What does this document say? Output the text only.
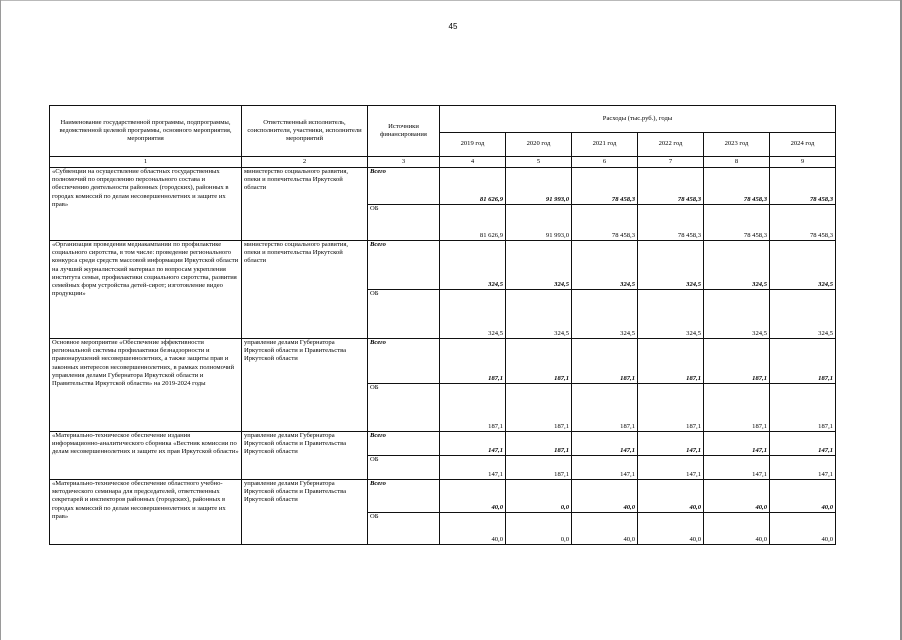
45
Наименование государственной программы, подпрограммы, ведомственной целевой программы, основного мероприятия, мероприятия	Ответственный исполнитель, соисполнители, участники, исполнители мероприятий	Источники финансирования	Расходы (тыс.руб.), годы					
			2019 год	2020 год	2021 год	2022 год	2023 год	2024 год
1	2	3	4	5	6	7	8	9
«Субвенции на осуществление областных государственных полномочий по определению персонального состава и обеспечению деятельности районных (городских), районных в городах комиссий по делам несовершеннолетних и защите их прав»	министерство социального развития, опеки и попечительства Иркутской области	Всего	81 626,9	91 993,0	78 458,3	78 458,3	78 458,3	78 458,3
		ОБ	81 626,9	91 993,0	78 458,3	78 458,3	78 458,3	78 458,3
«Организация проведения медиакампании по профилактике социального сиротства, в том числе: проведение регионального конкурса среди средств массовой информации Иркутской области на лучший журналистский материал по вопросам укрепления института семьи, профилактики социального сиротства, развития семейных форм устройства детей-сирот; изготовление видео продукции»	министерство социального развития, опеки и попечительства Иркутской области	Всего	324,5	324,5	324,5	324,5	324,5	324,5
		ОБ	324,5	324,5	324,5	324,5	324,5	324,5
Основное мероприятие «Обеспечение эффективности региональной системы профилактики безнадзорности и правонарушений несовершеннолетних, а также защиты прав и законных интересов несовершеннолетних, в рамках полномочий управления делами Губернатора Иркутской области и Правительства Иркутской области» на 2019-2024 годы	управление делами Губернатора Иркутской области и Правительства Иркутской области	Всего	187,1	187,1	187,1	187,1	187,1	187,1
		ОБ	187,1	187,1	187,1	187,1	187,1	187,1
«Материально-техническое обеспечение издания информационно-аналитического сборника «Вестник комиссии по делам несовершеннолетних и защите их прав Иркутской области»	управление делами Губернатора Иркутской области и Правительства Иркутской области	Всего	147,1	187,1	147,1	147,1	147,1	147,1
		ОБ	147,1	187,1	147,1	147,1	147,1	147,1
«Материально-техническое обеспечение областного учебно-методического семинара для председателей, ответственных секретарей и инспекторов районных (городских), районных в городах комиссий по делам несовершеннолетних и защите их прав»	управление делами Губернатора Иркутской области и Правительства Иркутской области	Всего	40,0	0,0	40,0	40,0	40,0	40,0
		ОБ	40,0	0,0	40,0	40,0	40,0	40,0
